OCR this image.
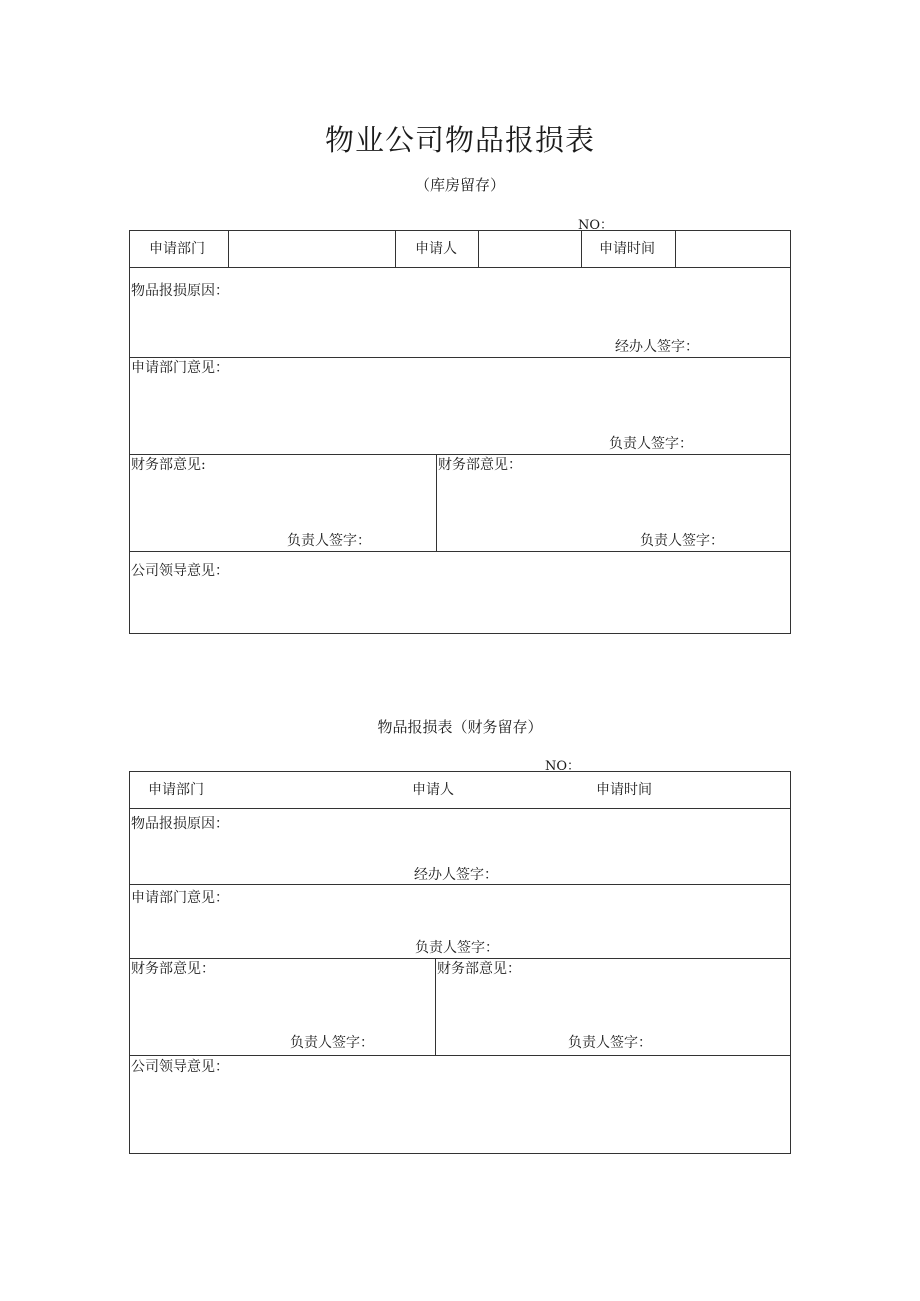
物业公司物品报损表
（库房留存）
NO：
申请部门	申请人	申请时间
物品报损原因：
经办人签字：
申请部门意见：
负责人签字：
财务部意见:
负责人签字：
财务部意见：
负责人签字：
公司领导意见：
物品报损表（财务留存）
NO：
申请部门	申请人	申请时间
物品报损原因：
经办人签字：
申请部门意见：
负责人签字：
财务部意见：
负责人签字：
财务部意见：
负责人签字：
公司领导意见：
